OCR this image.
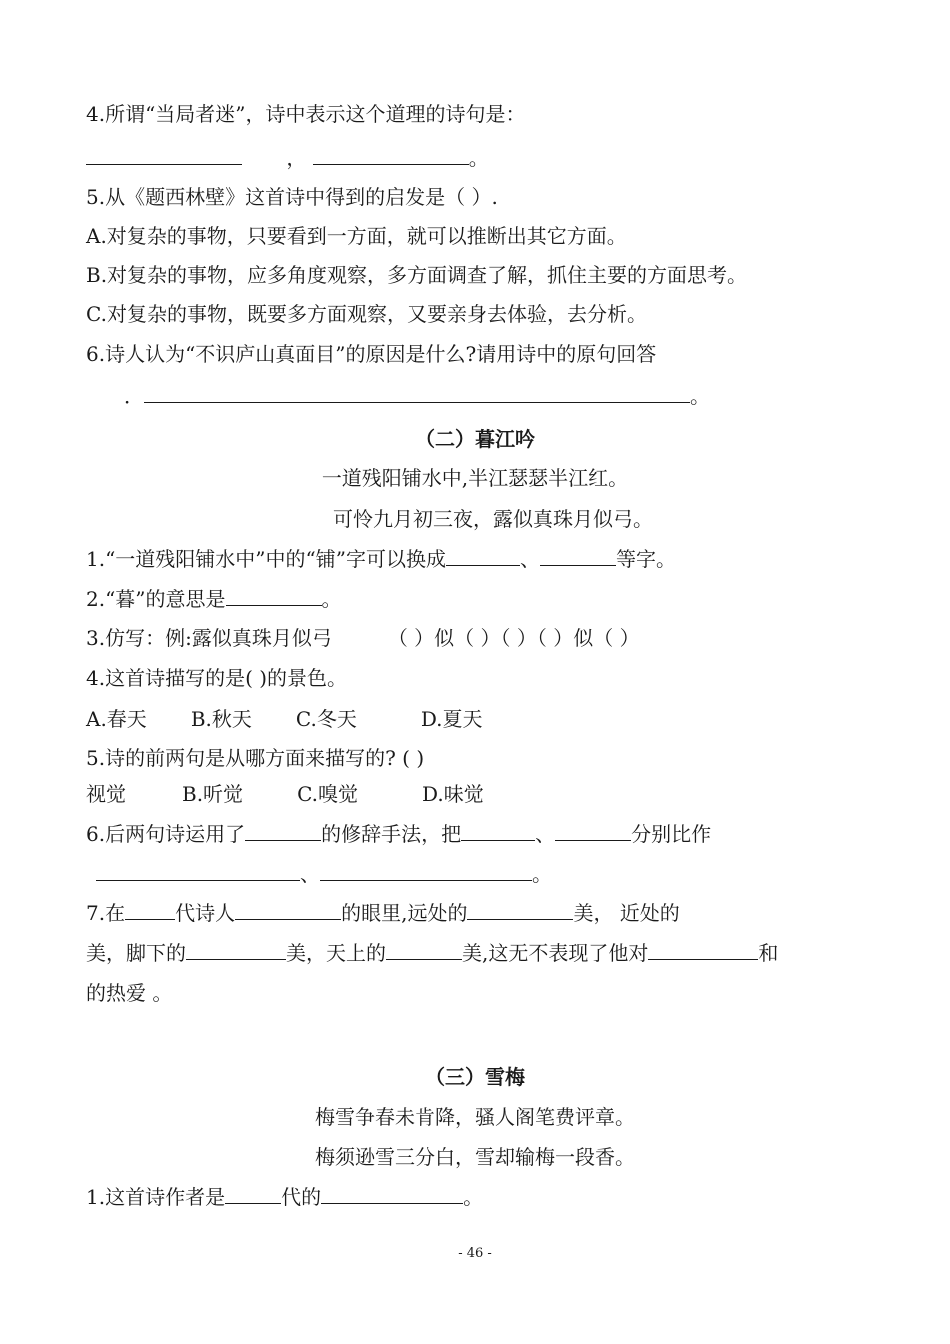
4.所谓“当局者迷”，诗中表示这个道理的诗句是：
，	。
5.从《题西林壁》这首诗中得到的启发是（ ）.
A.对复杂的事物，只要看到一方面，就可以推断出其它方面。
B.对复杂的事物，应多角度观察，多方面调查了解，抓住主要的方面思考。
C.对复杂的事物，既要多方面观察，又要亲身去体验，去分析。
6.诗人认为“不识庐山真面目”的原因是什么?请用诗中的原句回答
．	。
（二）暮江吟
一道残阳铺水中,半江瑟瑟半江红。
可怜九月初三夜，露似真珠月似弓。
1.“一道残阳铺水中”中的“铺”字可以换成	、	等字。
2.“暮”的意思是	。
3.仿写：例:露似真珠月似弓	（ ）似（ ）（ ）（ ）似（ ）
4.这首诗描写的是( )的景色。
A.春天 B.秋天 C.冬天	D.夏天
5.诗的前两句是从哪方面来描写的? ( )
视觉	B.听觉	C.嗅觉	D.味觉
6.后两句诗运用了	的修辞手法，把	、	分别比作
、	。
7.在	代诗人	的眼里,远处的	美， 近处的
美，脚下的	美，天上的	美,这无不表现了他对	和
的热爱 。
（三）雪梅
梅雪争春未肯降，骚人阁笔费评章。
梅须逊雪三分白，雪却输梅一段香。
1.这首诗作者是	代的	。
- 46 -
